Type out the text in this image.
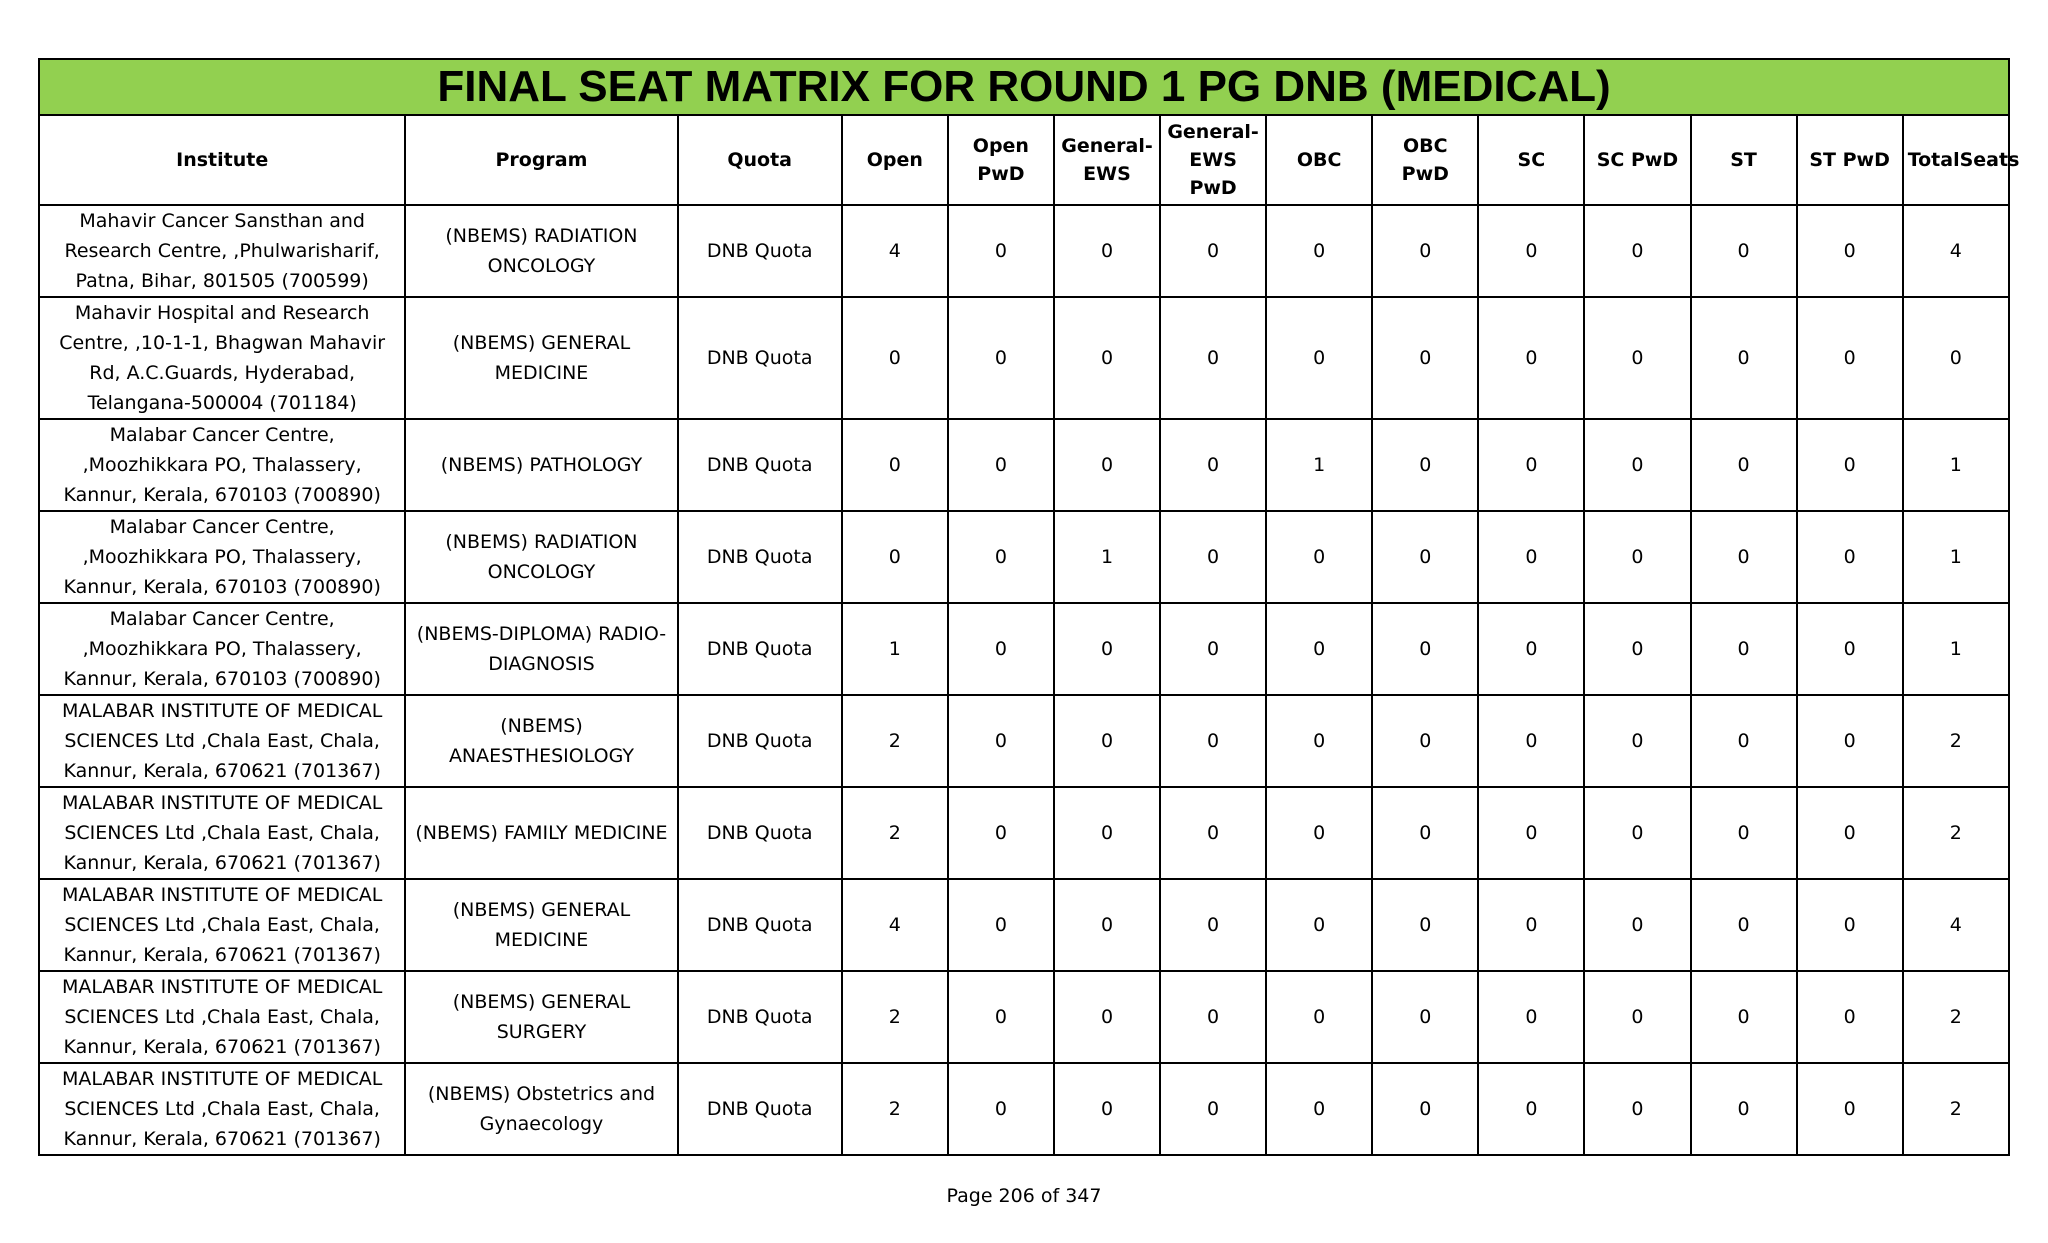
FINAL SEAT MATRIX FOR ROUND 1 PG DNB (MEDICAL)													
Institute	Program	Quota	Open	Open PwD	General-EWS	General-EWS PwD	OBC	OBC PwD	SC	SC PwD	ST	ST PwD	TotalSeats
Mahavir Cancer Sansthan and Research Centre, ,Phulwarisharif, Patna, Bihar, 801505 (700599)	(NBEMS) RADIATION ONCOLOGY	DNB Quota	4	0	0	0	0	0	0	0	0	0	4
Mahavir Hospital and Research Centre, ,10-1-1, Bhagwan Mahavir Rd, A.C.Guards, Hyderabad, Telangana-500004 (701184)	(NBEMS) GENERAL MEDICINE	DNB Quota	0	0	0	0	0	0	0	0	0	0	0
Malabar Cancer Centre, ,Moozhikkara PO, Thalassery, Kannur, Kerala, 670103 (700890)	(NBEMS) PATHOLOGY	DNB Quota	0	0	0	0	1	0	0	0	0	0	1
Malabar Cancer Centre, ,Moozhikkara PO, Thalassery, Kannur, Kerala, 670103 (700890)	(NBEMS) RADIATION ONCOLOGY	DNB Quota	0	0	1	0	0	0	0	0	0	0	1
Malabar Cancer Centre, ,Moozhikkara PO, Thalassery, Kannur, Kerala, 670103 (700890)	(NBEMS-DIPLOMA) RADIO-DIAGNOSIS	DNB Quota	1	0	0	0	0	0	0	0	0	0	1
MALABAR INSTITUTE OF MEDICAL SCIENCES Ltd ,Chala East, Chala, Kannur, Kerala, 670621 (701367)	(NBEMS) ANAESTHESIOLOGY	DNB Quota	2	0	0	0	0	0	0	0	0	0	2
MALABAR INSTITUTE OF MEDICAL SCIENCES Ltd ,Chala East, Chala, Kannur, Kerala, 670621 (701367)	(NBEMS) FAMILY MEDICINE	DNB Quota	2	0	0	0	0	0	0	0	0	0	2
MALABAR INSTITUTE OF MEDICAL SCIENCES Ltd ,Chala East, Chala, Kannur, Kerala, 670621 (701367)	(NBEMS) GENERAL MEDICINE	DNB Quota	4	0	0	0	0	0	0	0	0	0	4
MALABAR INSTITUTE OF MEDICAL SCIENCES Ltd ,Chala East, Chala, Kannur, Kerala, 670621 (701367)	(NBEMS) GENERAL SURGERY	DNB Quota	2	0	0	0	0	0	0	0	0	0	2
MALABAR INSTITUTE OF MEDICAL SCIENCES Ltd ,Chala East, Chala, Kannur, Kerala, 670621 (701367)	(NBEMS) Obstetrics and Gynaecology	DNB Quota	2	0	0	0	0	0	0	0	0	0	2
Page 206 of 347
